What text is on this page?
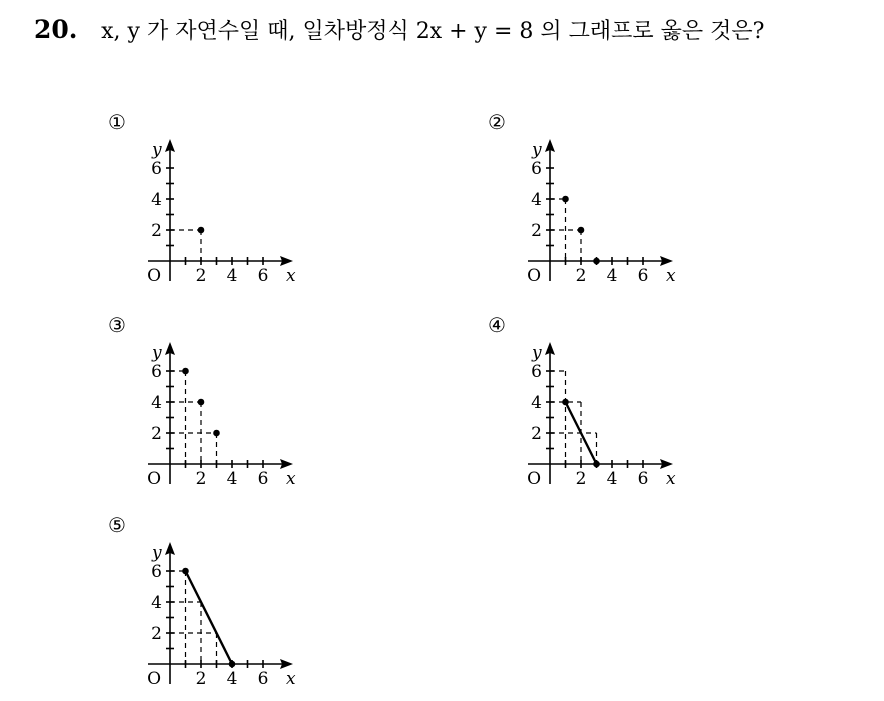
20. x, y 가 자연수일 때, 일차방정식 2x + y = 8 의 그래프로 옳은 것은?
①
2 4 6
2
4
6
O	x
y
②
2 4 6
2
4
6
O	x
y
③
2 4 6
2
4
6
O	x
y
④
2 4 6
2
4
6
O	x
y
⑤
2 4 6
2
4
6
O	x
y
